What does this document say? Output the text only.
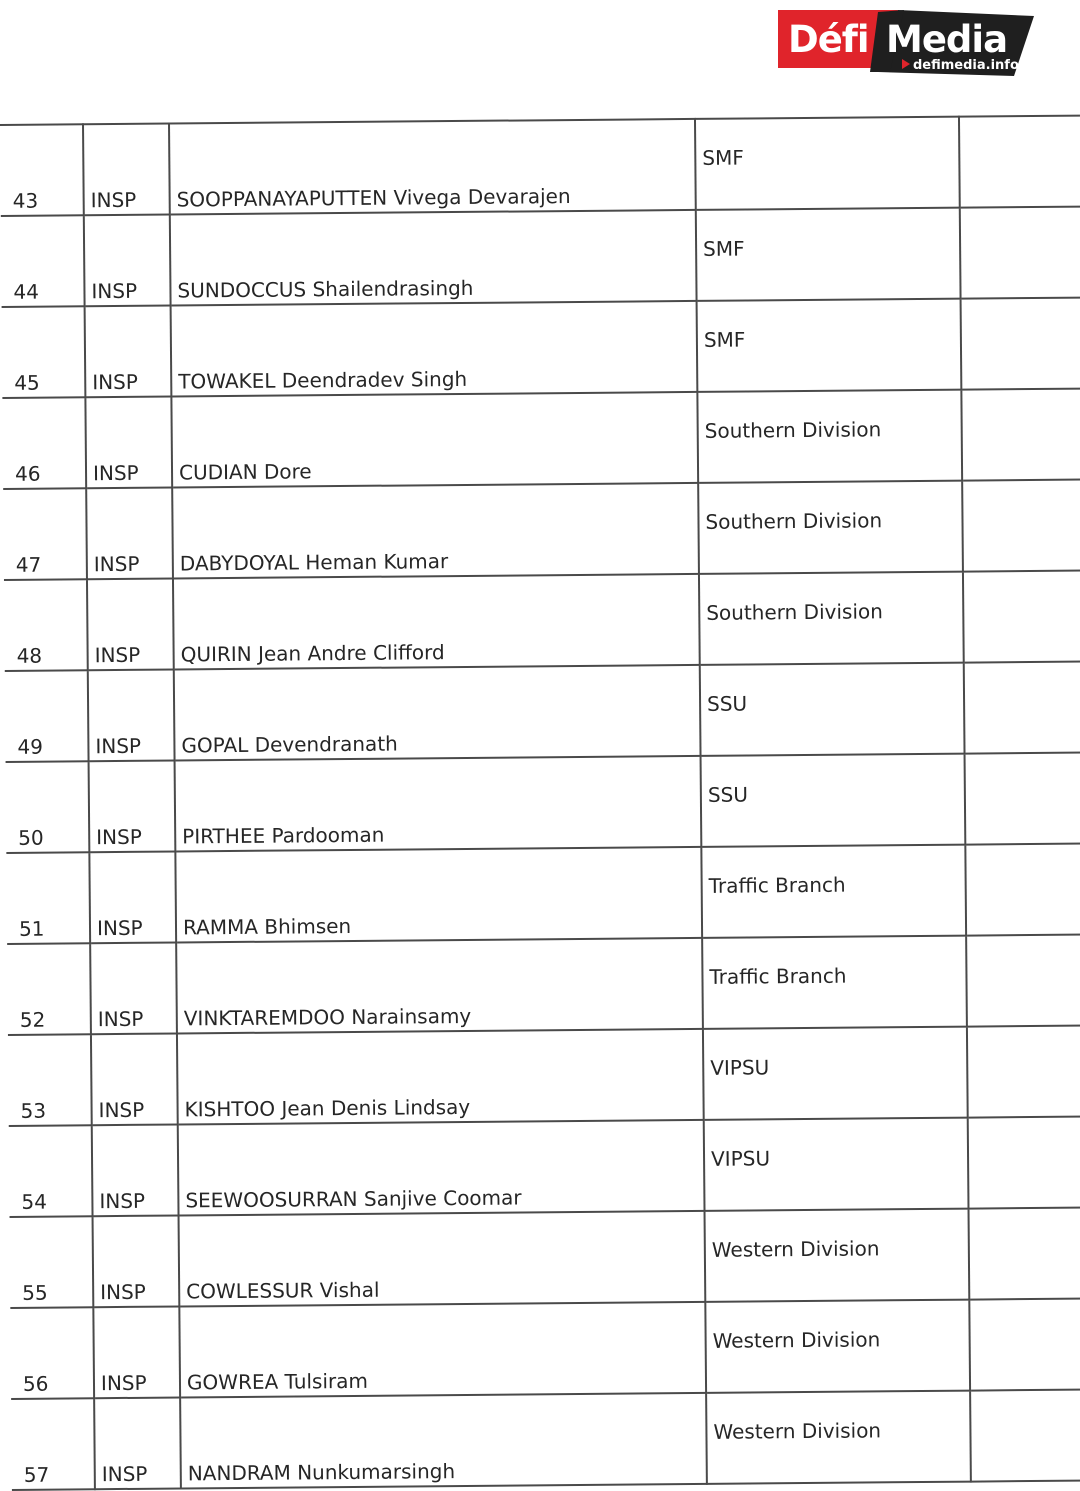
Défi Media
defimedia.info
43	INSP	SOOPPANAYAPUTTEN Vivega Devarajen	SMF	
44	INSP	SUNDOCCUS Shailendrasingh	SMF	
45	INSP	TOWAKEL Deendradev Singh	SMF	
46	INSP	CUDIAN Dore	Southern Division	
47	INSP	DABYDOYAL Heman Kumar	Southern Division	
48	INSP	QUIRIN Jean Andre Clifford	Southern Division	
49	INSP	GOPAL Devendranath	SSU	
50	INSP	PIRTHEE Pardooman	SSU	
51	INSP	RAMMA Bhimsen	Traffic Branch	
52	INSP	VINKTAREMDOO Narainsamy	Traffic Branch	
53	INSP	KISHTOO Jean Denis Lindsay	VIPSU	
54	INSP	SEEWOOSURRAN Sanjive Coomar	VIPSU	
55	INSP	COWLESSUR Vishal	Western Division	
56	INSP	GOWREA Tulsiram	Western Division	
57	INSP	NANDRAM Nunkumarsingh	Western Division	
